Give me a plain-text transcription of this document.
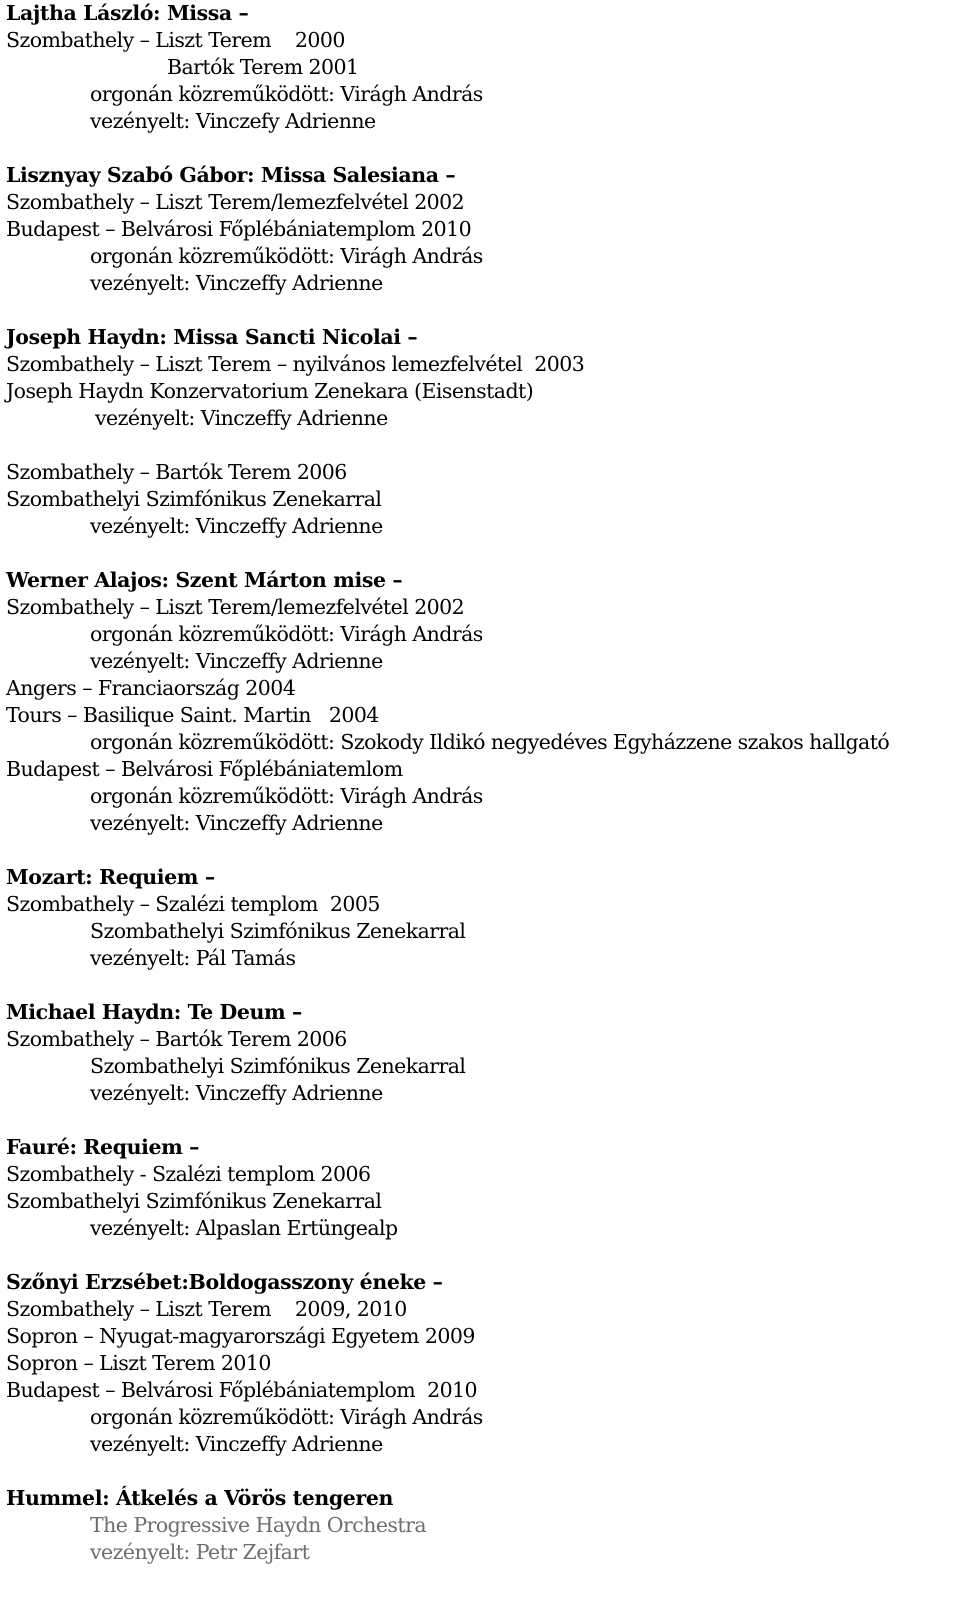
Lajtha László: Missa –
Szombathely – Liszt Terem    2000
Bartók Terem 2001
orgonán közreműködött: Virágh András
vezényelt: Vinczefy Adrienne
Lisznyay Szabó Gábor: Missa Salesiana –
Szombathely – Liszt Terem/lemezfelvétel 2002
Budapest – Belvárosi Főplébániatemplom 2010
orgonán közreműködött: Virágh András
vezényelt: Vinczeffy Adrienne
Joseph Haydn: Missa Sancti Nicolai –
Szombathely – Liszt Terem – nyilvános lemezfelvétel  2003
Joseph Haydn Konzervatorium Zenekara (Eisenstadt)
vezényelt: Vinczeffy Adrienne
Szombathely – Bartók Terem 2006
Szombathelyi Szimfónikus Zenekarral
vezényelt: Vinczeffy Adrienne
Werner Alajos: Szent Márton mise –
Szombathely – Liszt Terem/lemezfelvétel 2002
orgonán közreműködött: Virágh András
vezényelt: Vinczeffy Adrienne
Angers – Franciaország 2004
Tours – Basilique Saint. Martin   2004
orgonán közreműködött: Szokody Ildikó negyedéves Egyházzene szakos hallgató
Budapest – Belvárosi Főplébániatemlom
orgonán közreműködött: Virágh András
vezényelt: Vinczeffy Adrienne
Mozart: Requiem –
Szombathely – Szalézi templom  2005
Szombathelyi Szimfónikus Zenekarral
vezényelt: Pál Tamás
Michael Haydn: Te Deum –
Szombathely – Bartók Terem 2006
Szombathelyi Szimfónikus Zenekarral
vezényelt: Vinczeffy Adrienne
Fauré: Requiem –
Szombathely - Szalézi templom 2006
Szombathelyi Szimfónikus Zenekarral
vezényelt: Alpaslan Ertüngealp
Szőnyi Erzsébet:Boldogasszony éneke –
Szombathely – Liszt Terem    2009, 2010
Sopron – Nyugat-magyarországi Egyetem 2009
Sopron – Liszt Terem 2010
Budapest – Belvárosi Főplébániatemplom  2010
orgonán közreműködött: Virágh András
vezényelt: Vinczeffy Adrienne
Hummel: Átkelés a Vörös tengeren
The Progressive Haydn Orchestra
vezényelt: Petr Zejfart
